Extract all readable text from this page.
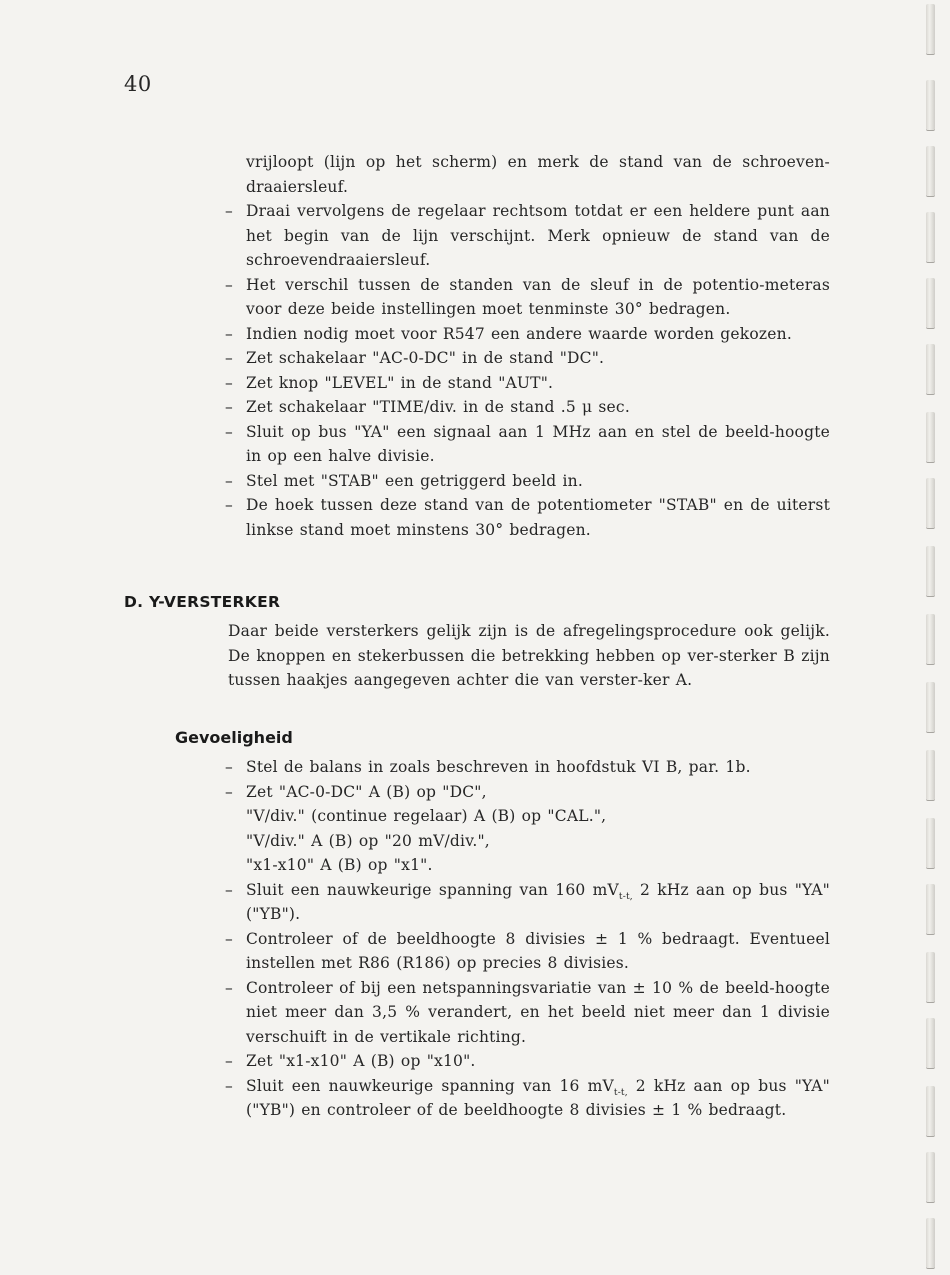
40
vrijloopt (lijn op het scherm) en merk de stand van de schroeven-draaiersleuf.
– Draai vervolgens de regelaar rechtsom totdat er een heldere punt aan het begin van de lijn verschijnt. Merk opnieuw de stand van de schroevendraaiersleuf.
– Het verschil tussen de standen van de sleuf in de potentio-meteras voor deze beide instellingen moet tenminste 30° bedragen.
– Indien nodig moet voor R547 een andere waarde worden gekozen.
– Zet schakelaar "AC-0-DC" in de stand "DC".
– Zet knop "LEVEL" in de stand "AUT".
– Zet schakelaar "TIME/div. in de stand .5 μ sec.
– Sluit op bus "YA" een signaal aan 1 MHz aan en stel de beeld-hoogte in op een halve divisie.
– Stel met "STAB" een getriggerd beeld in.
– De hoek tussen deze stand van de potentiometer "STAB" en de uiterst linkse stand moet minstens 30° bedragen.
D. Y-VERSTERKER
Daar beide versterkers gelijk zijn is de afregelingsprocedure ook gelijk. De knoppen en stekerbussen die betrekking hebben op ver-sterker B zijn tussen haakjes aangegeven achter die van verster-ker A.
Gevoeligheid
– Stel de balans in zoals beschreven in hoofdstuk VI B, par. 1b.
– Zet "AC-0-DC" A (B) op "DC",
"V/div." (continue regelaar) A (B) op "CAL.",
"V/div." A (B) op "20 mV/div.",
"x1-x10" A (B) op "x1".
– Sluit een nauwkeurige spanning van 160 $mV_{t-t,}$ 2 kHz aan op bus "YA" ("YB").
– Controleer of de beeldhoogte 8 divisies ± 1 % bedraagt. Eventueel instellen met R86 (R186) op precies 8 divisies.
– Controleer of bij een netspanningsvariatie van ± 10 % de beeld-hoogte niet meer dan 3,5 % verandert, en het beeld niet meer dan 1 divisie verschuift in de vertikale richting.
– Zet "x1-x10" A (B) op "x10".
– Sluit een nauwkeurige spanning van 16 $mV_{t-t,}$ 2 kHz aan op bus "YA" ("YB") en controleer of de beeldhoogte 8 divisies ± 1 % bedraagt.
